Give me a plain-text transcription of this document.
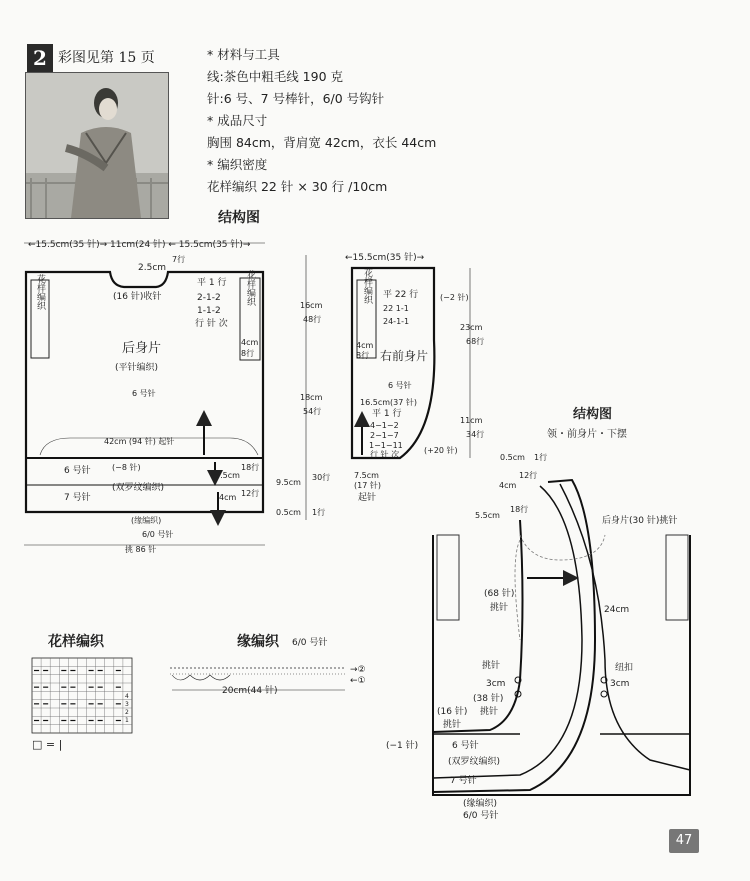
2 彩图见第 15 页	* 材料与工具
线:茶色中粗毛线 190 克
针:6 号、7 号棒针，6/0 号钩针
* 成品尺寸
胸围 84cm，背肩宽 42cm，衣长 44cm
* 编织密度
花样编织 22 针 × 30 行 /10cm
结构图
←15.5cm(35 针)→ 11cm(24 针) ← 15.5cm(35 针)→
花样编织	花样编织
4cm
8行
2.5cm
7行
(16 针)收针
平 1 行
2-1-2
1-1-2
行 针 次
后身片
(平针编织)
6 号针
42cm (94 针) 起针
(−8 针)
6 号针
(双罗纹编织)
7 号针
5.5cm
18行
4cm 12行
(缘编织)
6/0 号针
挑 86 针
16cm
48行
18cm
54行
9.5cm
30行
0.5cm 1行
←15.5cm(35 针)→
花样编织
4cm
8行
平 22 行
22 1-1
24-1-1
(−2 针)
右前身片
6 号针
16.5cm(37 针)
平 1 行
4−1−2
2−1−7
1−1−11
行 针 次	(+20 针)
7.5cm
(17 针)
起针
23cm
68行
11cm
34行
结构图
领・前身片・下摆
0.5cm 1行
4cm
12行
5.5cm
18行
后身片(30 针)挑针
(68 针)
挑针	24cm
挑针
3cm
(38 针)
挑针
(16 针)
挑针
纽扣
3cm
(−1 针)	6 号针
(双罗纹编织)
7 号针
(缘编织)
6/0 号针
花样编织
4
3
2
1
□ = |
缘编织 6/0 号针
20cm(44 针)
→②
←①
47
